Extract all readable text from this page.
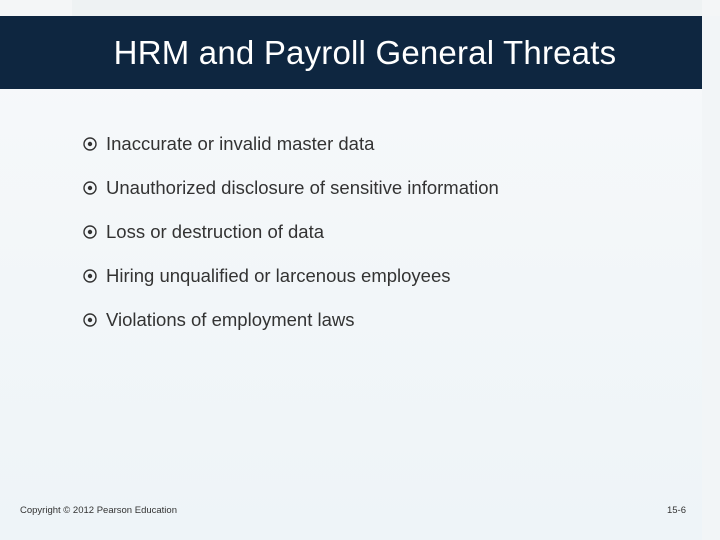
HRM and Payroll General Threats
Inaccurate or invalid master data
Unauthorized disclosure of sensitive information
Loss or destruction of data
Hiring unqualified or larcenous employees
Violations of employment laws
Copyright © 2012 Pearson Education	15-6
